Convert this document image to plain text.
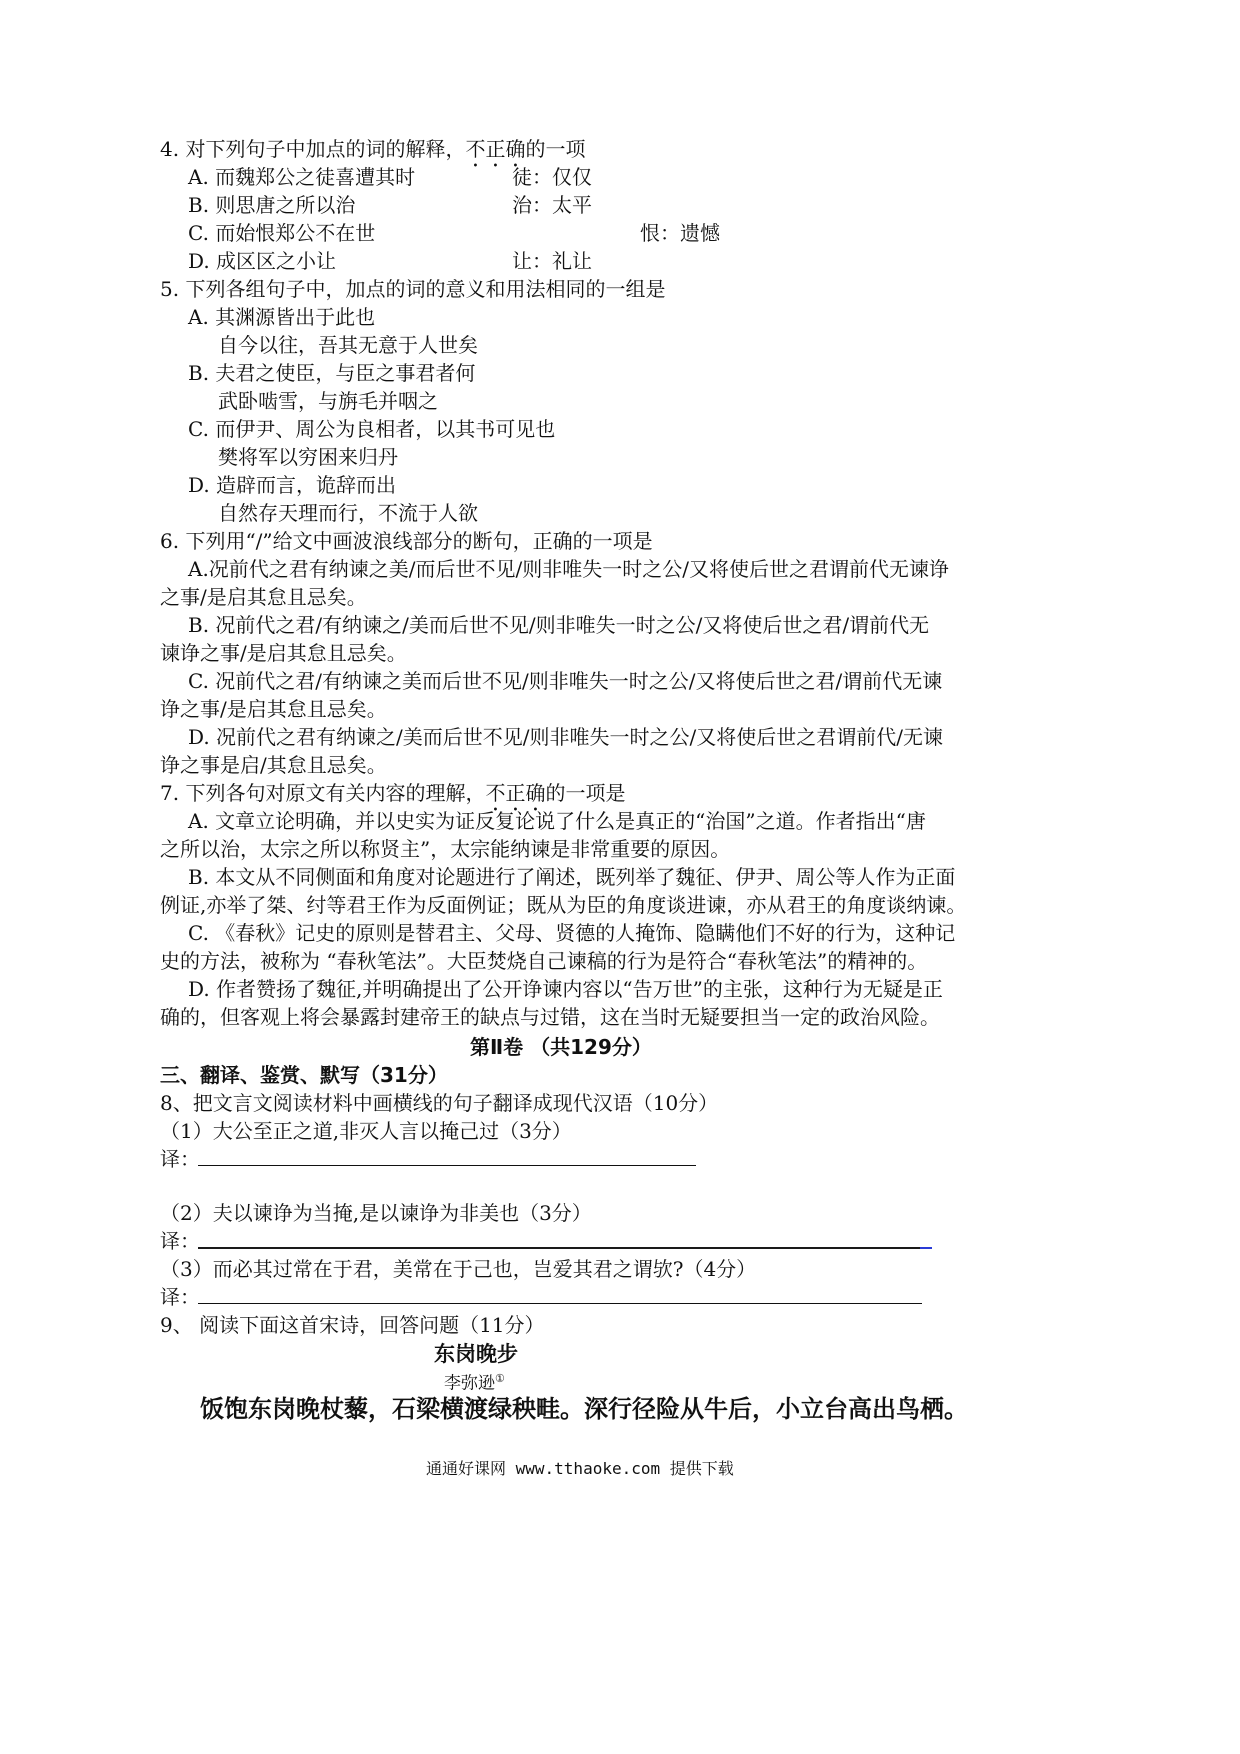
4. 对下列句子中加点的词的解释，不正确的一项
A. 而魏郑公之徒喜遭其时	徒：仅仅
B. 则思唐之所以治	治：太平
C. 而始恨郑公不在世	恨：遗憾
D. 成区区之小让	让：礼让
5. 下列各组句子中，加点的词的意义和用法相同的一组是
A. 其渊源皆出于此也
自今以往，吾其无意于人世矣
B. 夫君之使臣，与臣之事君者何
武卧啮雪，与旃毛并咽之
C. 而伊尹、周公为良相者，以其书可见也
樊将军以穷困来归丹
D. 造辟而言，诡辞而出
自然存天理而行，不流于人欲
6. 下列用“/”给文中画波浪线部分的断句，正确的一项是
A.况前代之君有纳谏之美/而后世不见/则非唯失一时之公/又将使后世之君谓前代无谏诤
之事/是启其怠且忌矣。
B. 况前代之君/有纳谏之/美而后世不见/则非唯失一时之公/又将使后世之君/谓前代无
谏诤之事/是启其怠且忌矣。
C. 况前代之君/有纳谏之美而后世不见/则非唯失一时之公/又将使后世之君/谓前代无谏
诤之事/是启其怠且忌矣。
D. 况前代之君有纳谏之/美而后世不见/则非唯失一时之公/又将使后世之君谓前代/无谏
诤之事是启/其怠且忌矣。
7. 下列各句对原文有关内容的理解，不正确的一项是
A. 文章立论明确，并以史实为证反复论说了什么是真正的“治国”之道。作者指出“唐
之所以治，太宗之所以称贤主”，太宗能纳谏是非常重要的原因。
B. 本文从不同侧面和角度对论题进行了阐述，既列举了魏征、伊尹、周公等人作为正面
例证,亦举了桀、纣等君王作为反面例证；既从为臣的角度谈进谏，亦从君王的角度谈纳谏。
C. 《春秋》记史的原则是替君主、父母、贤德的人掩饰、隐瞒他们不好的行为，这种记
史的方法，被称为 “春秋笔法”。大臣焚烧自己谏稿的行为是符合“春秋笔法”的精神的。
D. 作者赞扬了魏征,并明确提出了公开诤谏内容以“告万世”的主张，这种行为无疑是正
确的，但客观上将会暴露封建帝王的缺点与过错，这在当时无疑要担当一定的政治风险。
第Ⅱ卷 （共129分）
三、翻译、鉴赏、默写（31分）
8、把文言文阅读材料中画横线的句子翻译成现代汉语（10分）
（1）大公至正之道,非灭人言以掩己过（3分）
译：
（2）夫以谏诤为当掩,是以谏诤为非美也（3分）
译：
（3）而必其过常在于君，美常在于己也，岂爱其君之谓欤?（4分）
译：
9、 阅读下面这首宋诗，回答问题（11分）
东岗晚步
李弥逊①
饭饱东岗晚杖藜，石梁横渡绿秧畦。深行径险从牛后，小立台高出鸟栖。
通通好课网 www.tthaoke.com 提供下载
